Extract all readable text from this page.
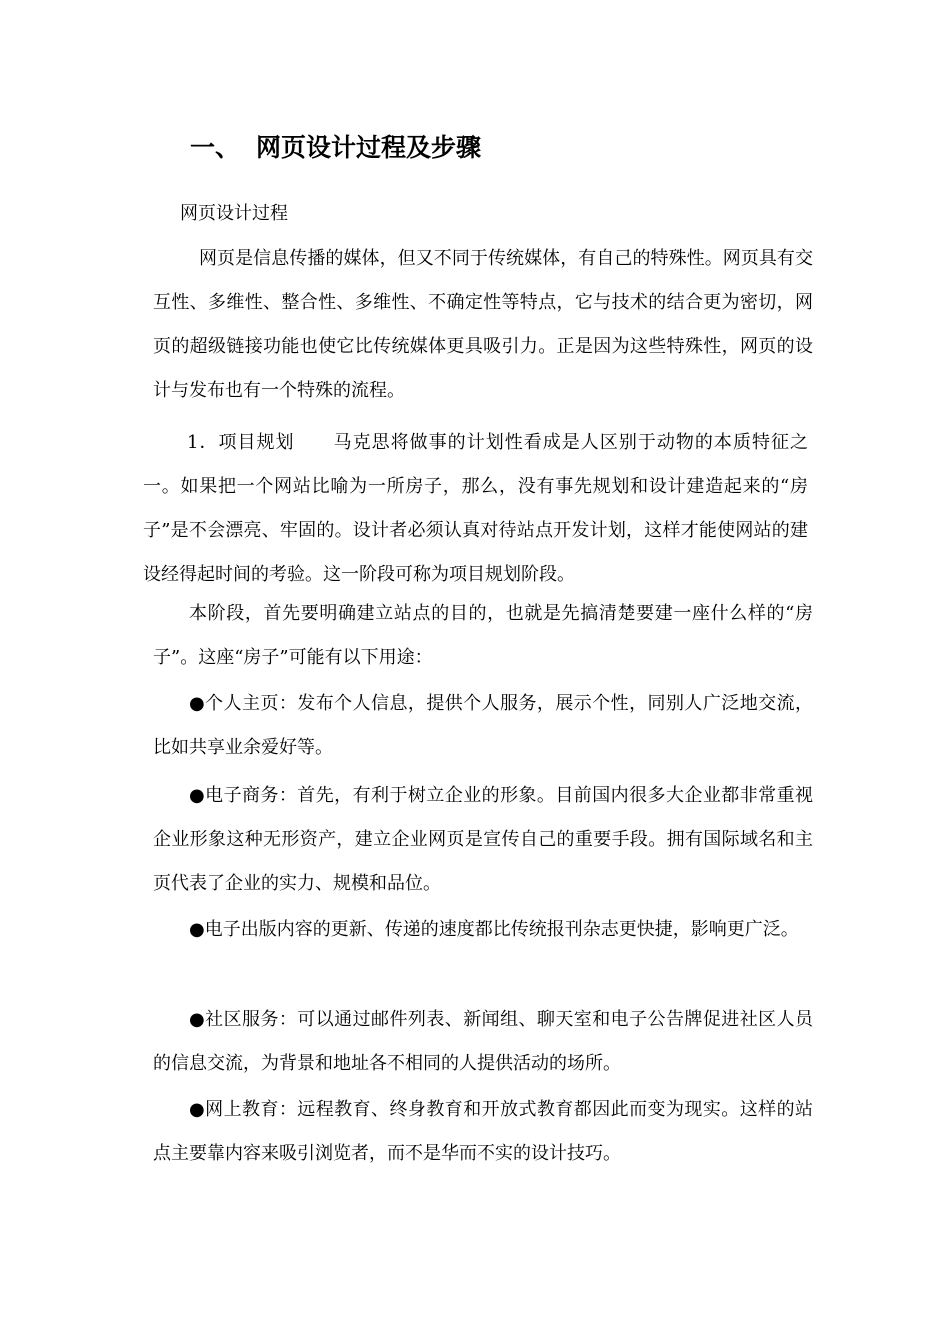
一、 网页设计过程及步骤

网页设计过程

网页是信息传播的媒体，但又不同于传统媒体，有自己的特殊性。网页具有交互性、多维性、整合性、多维性、不确定性等特点，它与技术的结合更为密切，网页的超级链接功能也使它比传统媒体更具吸引力。正是因为这些特殊性，网页的设计与发布也有一个特殊的流程。

1．项目规划 马克思将做事的计划性看成是人区别于动物的本质特征之一。如果把一个网站比喻为一所房子，那么，没有事先规划和设计建造起来的“房子”是不会漂亮、牢固的。设计者必须认真对待站点开发计划，这样才能使网站的建设经得起时间的考验。这一阶段可称为项目规划阶段。

本阶段，首先要明确建立站点的目的，也就是先搞清楚要建一座什么样的“房子”。这座“房子”可能有以下用途：

●个人主页：发布个人信息，提供个人服务，展示个性，同别人广泛地交流，比如共享业余爱好等。

●电子商务：首先，有利于树立企业的形象。目前国内很多大企业都非常重视企业形象这种无形资产，建立企业网页是宣传自己的重要手段。拥有国际域名和主页代表了企业的实力、规模和品位。

●电子出版内容的更新、传递的速度都比传统报刊杂志更快捷，影响更广泛。

●社区服务：可以通过邮件列表、新闻组、聊天室和电子公告牌促进社区人员的信息交流，为背景和地址各不相同的人提供活动的场所。

●网上教育：远程教育、终身教育和开放式教育都因此而变为现实。这样的站点主要靠内容来吸引浏览者，而不是华而不实的设计技巧。
